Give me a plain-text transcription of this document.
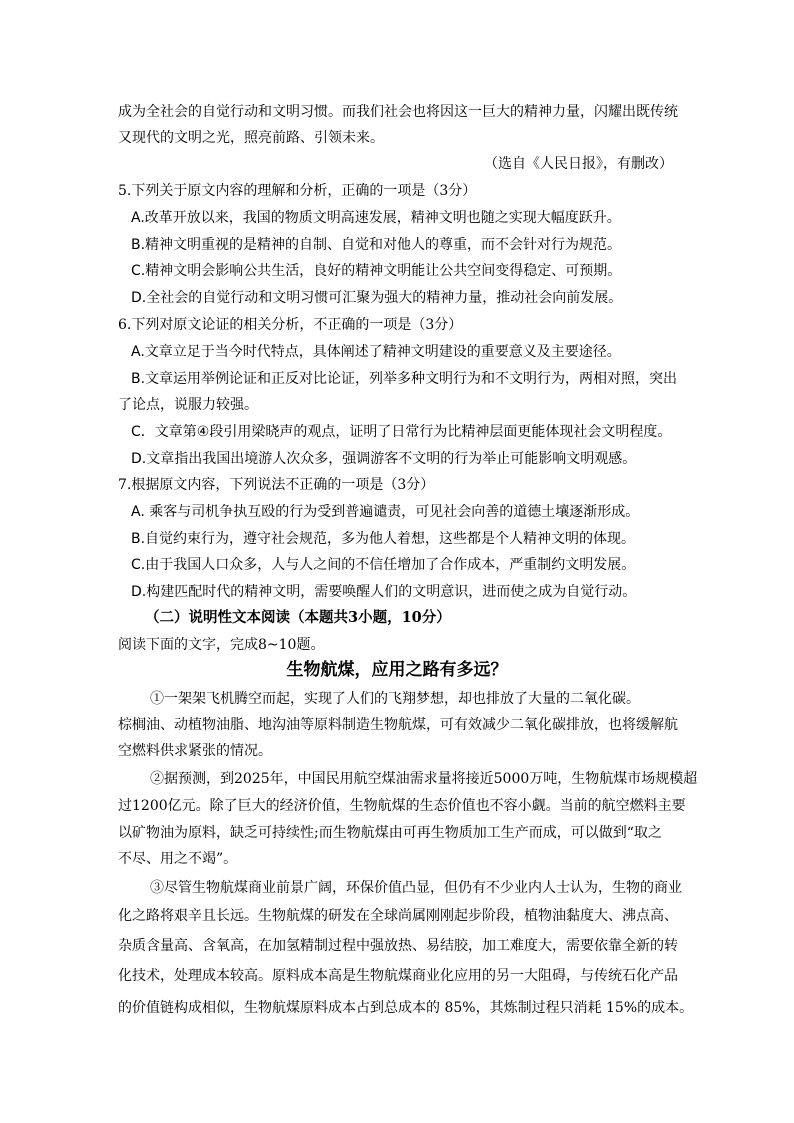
成为全社会的自觉行动和文明习惯。而我们社会也将因这一巨大的精神力量，闪耀出既传统
又现代的文明之光，照亮前路、引领未来。
（选自《人民日报》，有删改）
5.下列关于原文内容的理解和分析，正确的一项是（3分）
A.改革开放以来，我国的物质文明高速发展，精神文明也随之实现大幅度跃升。
B.精神文明重视的是精神的自制、自觉和对他人的尊重，而不会针对行为规范。
C.精神文明会影响公共生活，良好的精神文明能让公共空间变得稳定、可预期。
D.全社会的自觉行动和文明习惯可汇聚为强大的精神力量，推动社会向前发展。
6.下列对原文论证的相关分析，不正确的一项是（3分）
A.文章立足于当今时代特点，具体阐述了精神文明建设的重要意义及主要途径。
B.文章运用举例论证和正反对比论证，列举多种文明行为和不文明行为，两相对照，突出
了论点，说服力较强。
C．文章第④段引用梁晓声的观点，证明了日常行为比精神层面更能体现社会文明程度。
D.文章指出我国出境游人次众多，强调游客不文明的行为举止可能影响文明观感。
7.根据原文内容，下列说法不正确的一项是（3分）
A. 乘客与司机争执互殴的行为受到普遍谴责，可见社会向善的道德土壤逐渐形成。
B.自觉约束行为，遵守社会规范，多为他人着想，这些都是个人精神文明的体现。
C.由于我国人口众多，人与人之间的不信任增加了合作成本，严重制约文明发展。
D.构建匹配时代的精神文明，需要唤醒人们的文明意识，进而使之成为自觉行动。
（二）说明性文本阅读（本题共3小题，10分）
阅读下面的文字，完成8~10题。
生物航煤，应用之路有多远？
①一架架飞机腾空而起，实现了人们的飞翔梦想，却也排放了大量的二氧化碳。
棕榈油、动植物油脂、地沟油等原料制造生物航煤，可有效减少二氧化碳排放，也将缓解航
空燃料供求紧张的情况。
②据预测，到2025年，中国民用航空煤油需求量将接近5000万吨，生物航煤市场规模超
过1200亿元。除了巨大的经济价值，生物航煤的生态价值也不容小觑。当前的航空燃料主要
以矿物油为原料，缺乏可持续性;而生物航煤由可再生物质加工生产而成，可以做到“取之
不尽、用之不竭”。
③尽管生物航煤商业前景广阔，环保价值凸显，但仍有不少业内人士认为，生物的商业
化之路将艰辛且长远。生物航煤的研发在全球尚属刚刚起步阶段，植物油黏度大、沸点高、
杂质含量高、含氧高，在加氢精制过程中强放热、易结胶，加工难度大，需要依靠全新的转
化技术，处理成本较高。原料成本高是生物航煤商业化应用的另一大阻碍，与传统石化产品
的价值链构成相似，生物航煤原料成本占到总成本的 85%，其炼制过程只消耗 15%的成本。
